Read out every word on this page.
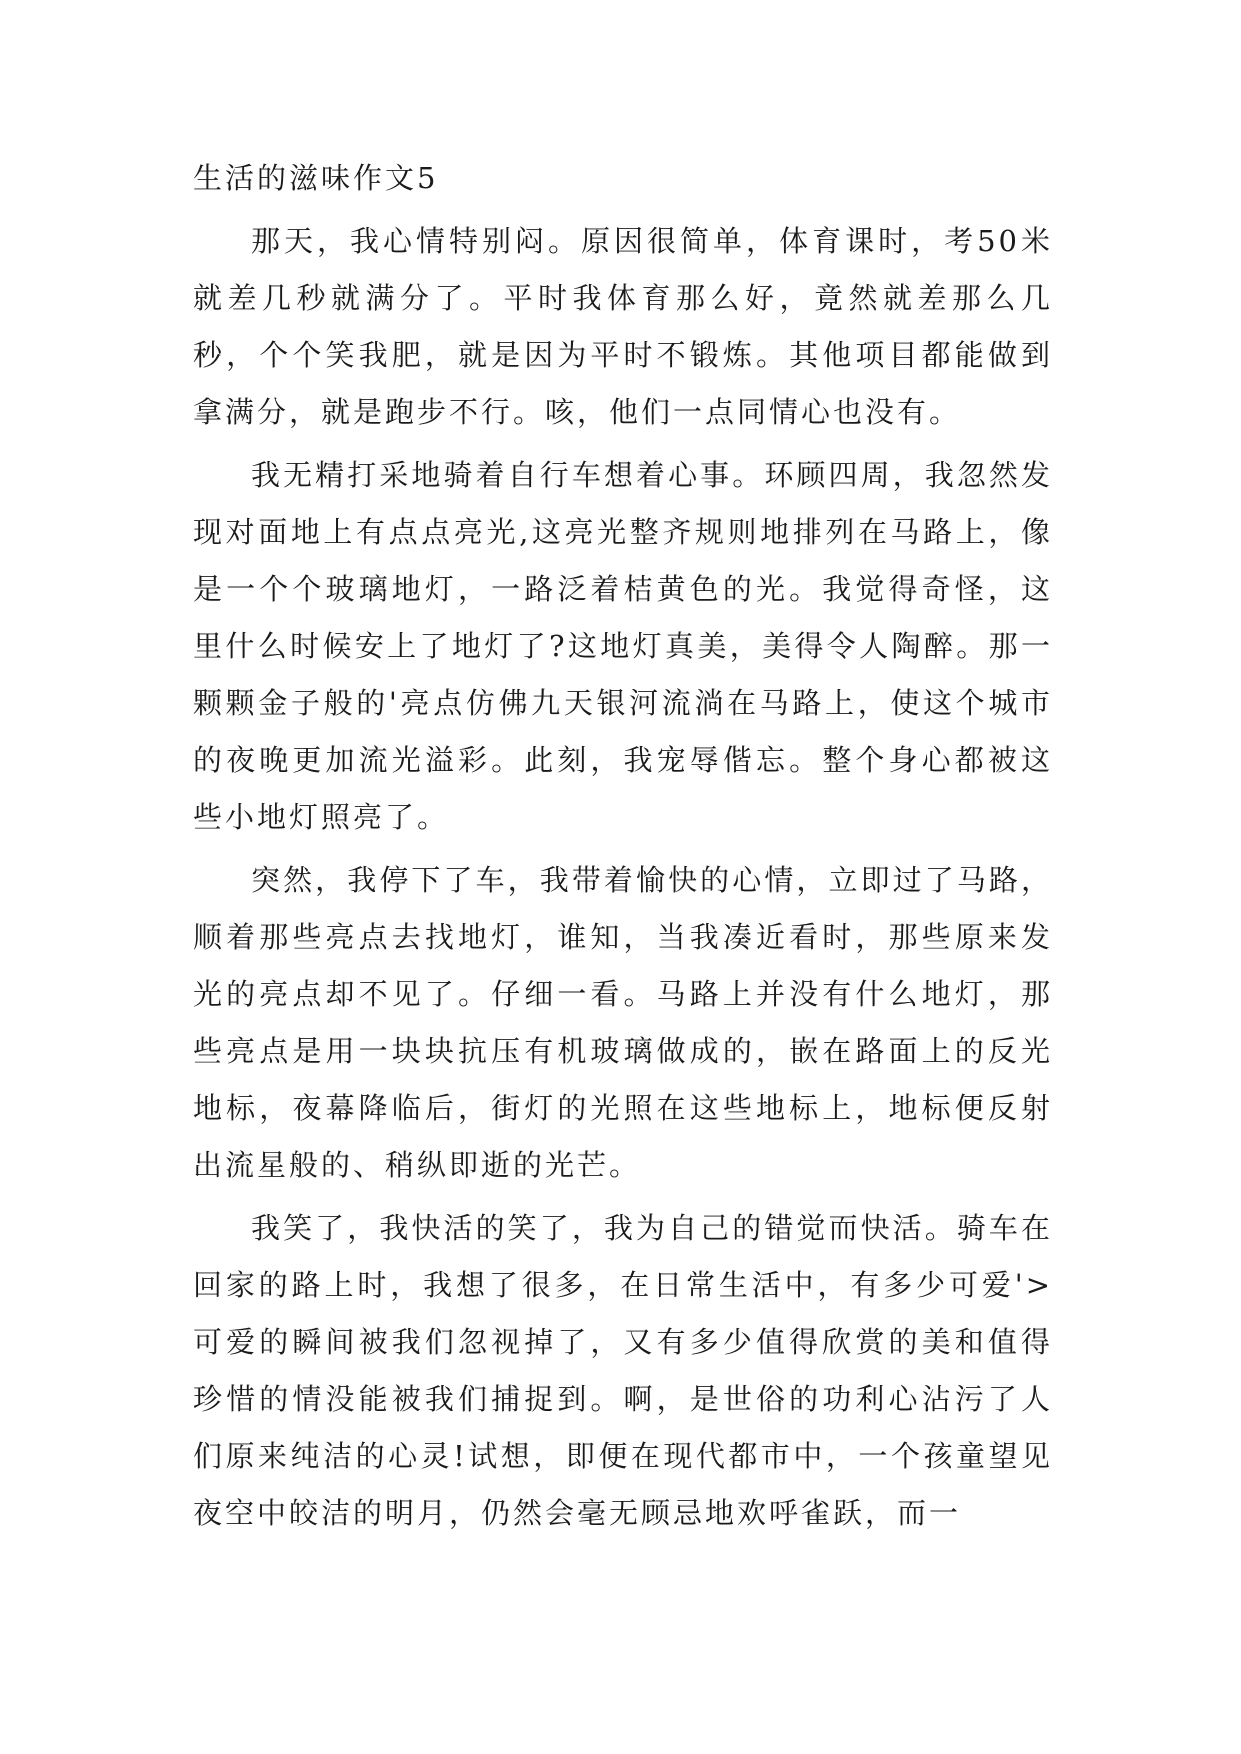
生活的滋味作文5

那天，我心情特别闷。原因很简单，体育课时，考50米就差几秒就满分了。平时我体育那么好，竟然就差那么几秒，个个笑我肥，就是因为平时不锻炼。其他项目都能做到拿满分，就是跑步不行。咳，他们一点同情心也没有。

我无精打采地骑着自行车想着心事。环顾四周，我忽然发现对面地上有点点亮光,这亮光整齐规则地排列在马路上，像是一个个玻璃地灯，一路泛着桔黄色的光。我觉得奇怪，这里什么时候安上了地灯了?这地灯真美，美得令人陶醉。那一颗颗金子般的'亮点仿佛九天银河流淌在马路上，使这个城市的夜晚更加流光溢彩。此刻，我宠辱偕忘。整个身心都被这些小地灯照亮了。

突然，我停下了车，我带着愉快的心情，立即过了马路，顺着那些亮点去找地灯，谁知，当我凑近看时，那些原来发光的亮点却不见了。仔细一看。马路上并没有什么地灯，那些亮点是用一块块抗压有机玻璃做成的，嵌在路面上的反光地标，夜幕降临后，街灯的光照在这些地标上，地标便反射出流星般的、稍纵即逝的光芒。

我笑了，我快活的笑了，我为自己的错觉而快活。骑车在回家的路上时，我想了很多，在日常生活中，有多少可爱'>可爱的瞬间被我们忽视掉了，又有多少值得欣赏的美和值得珍惜的情没能被我们捕捉到。啊，是世俗的功利心沾污了人们原来纯洁的心灵!试想，即便在现代都市中，一个孩童望见夜空中皎洁的明月，仍然会毫无顾忌地欢呼雀跃，而一
